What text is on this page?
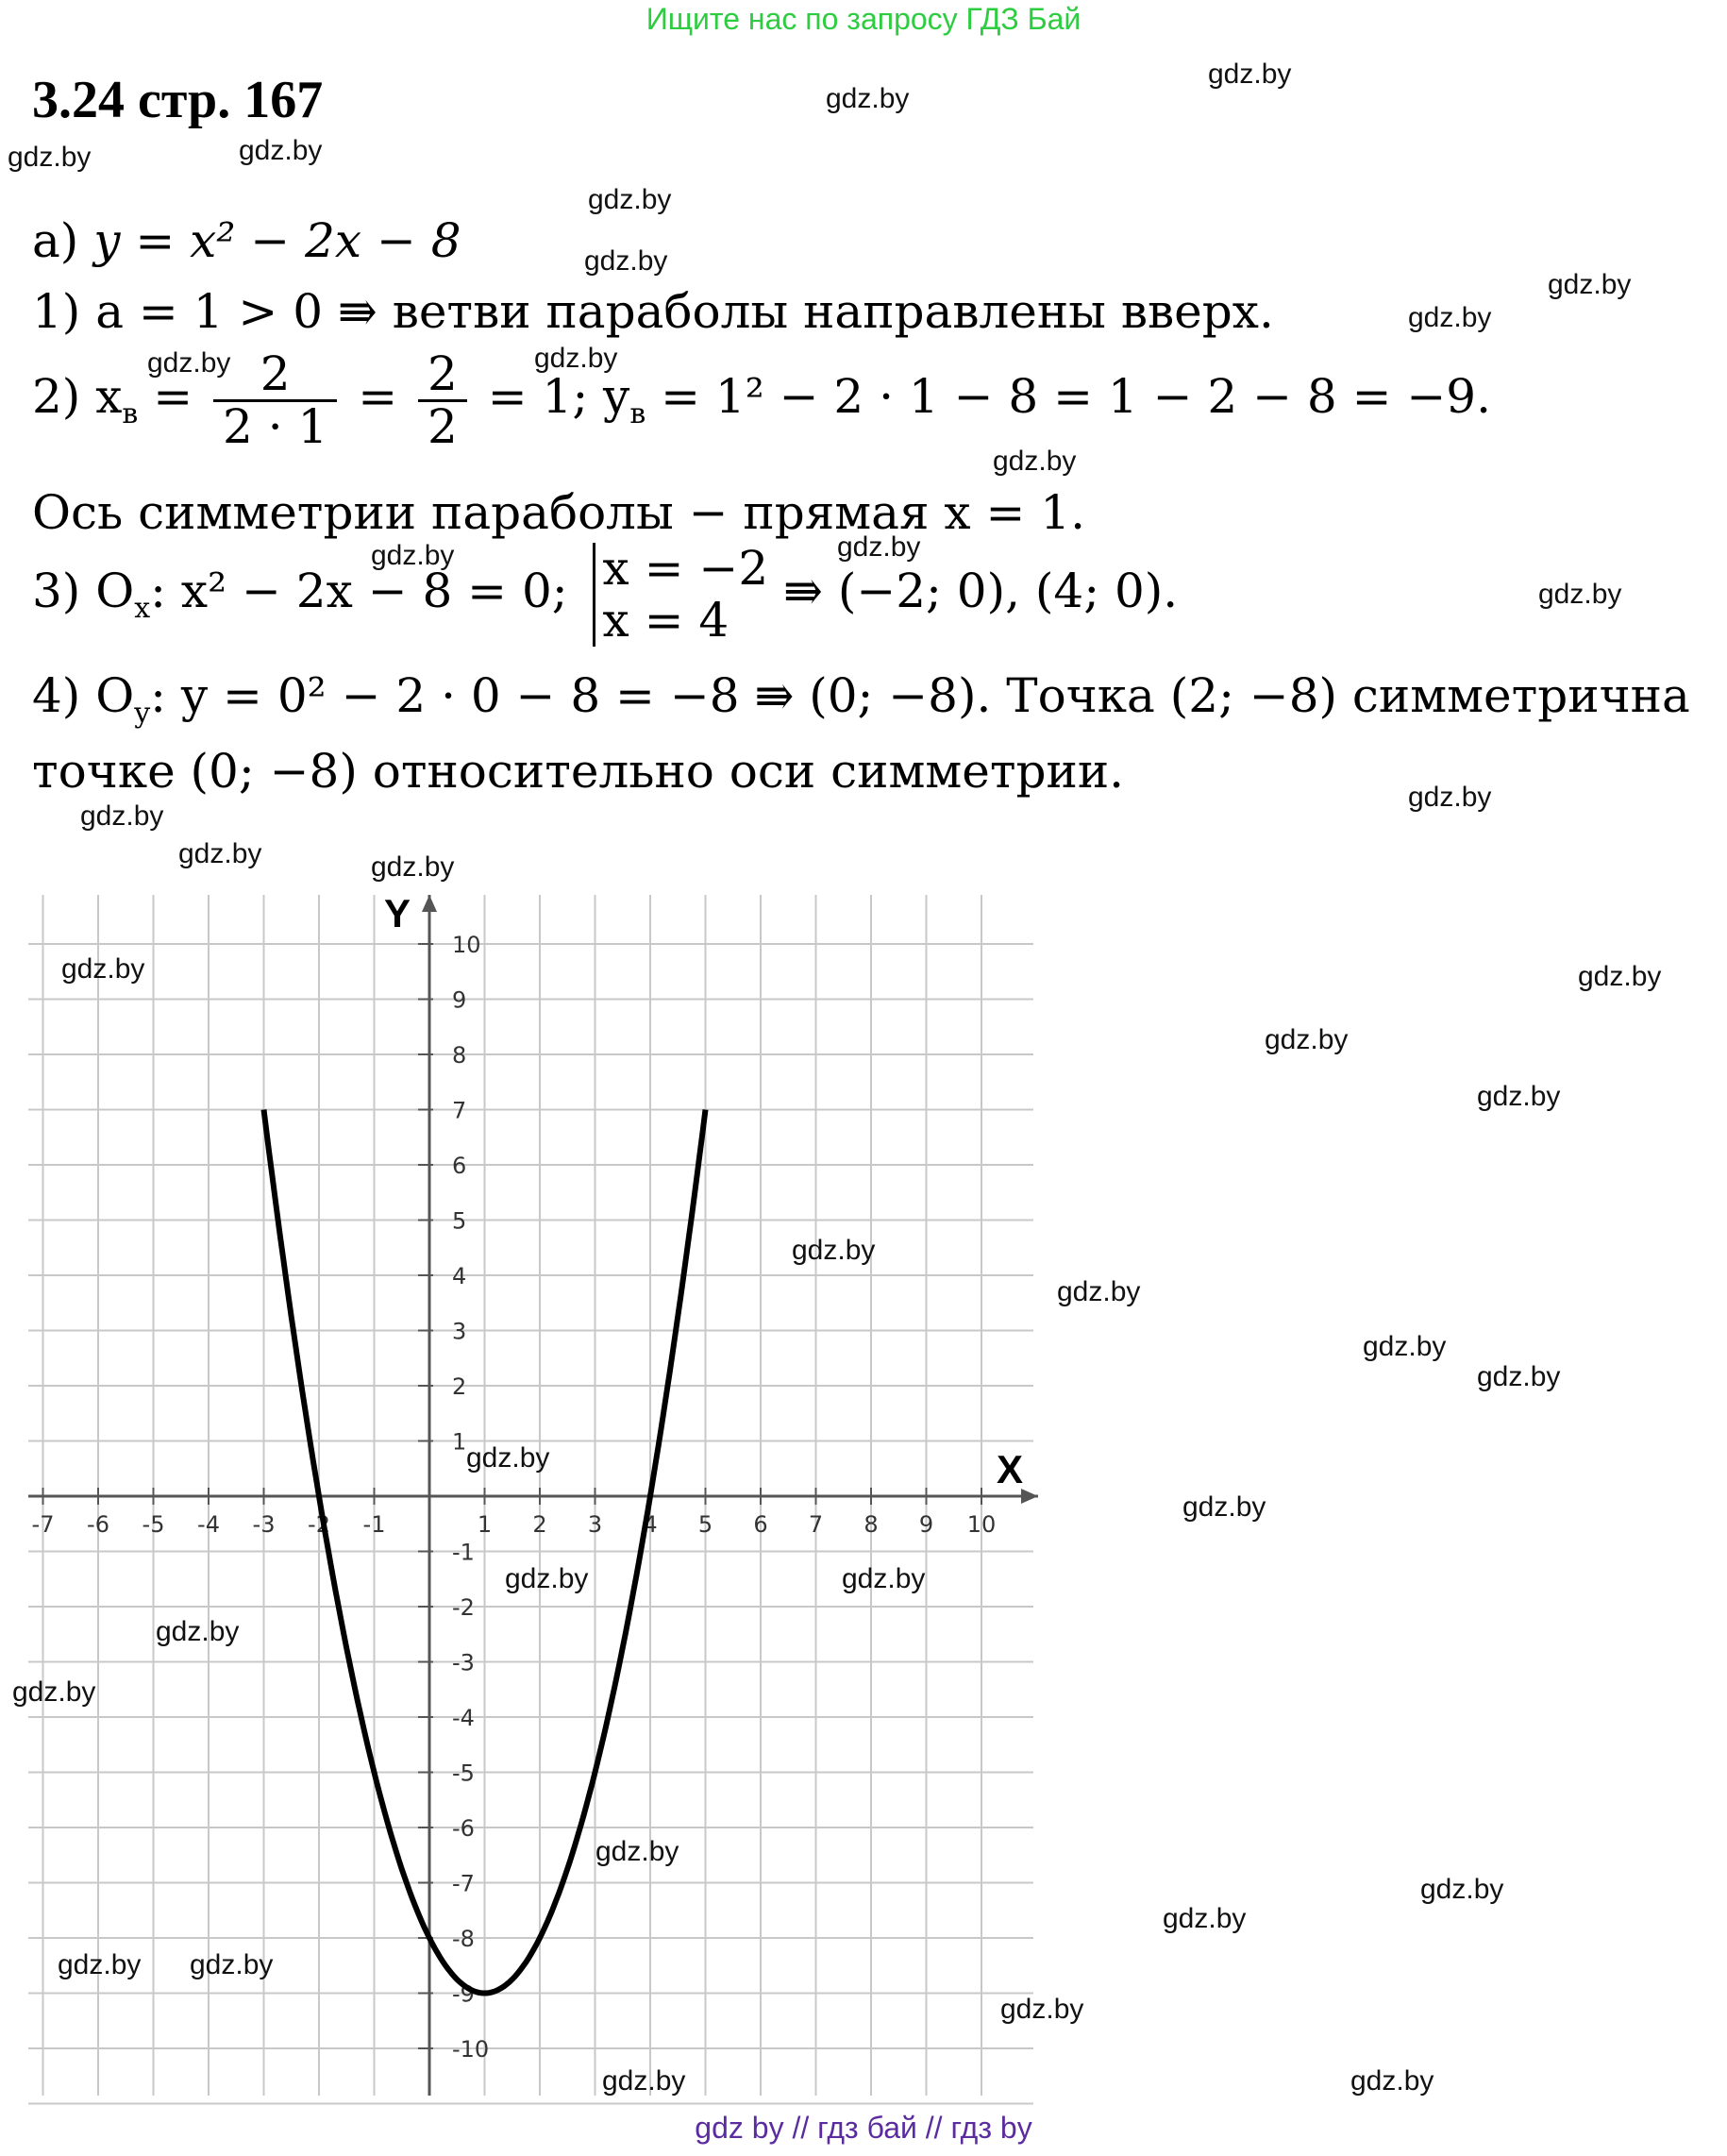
Ищите нас по запросу ГДЗ Бай
3.24 стр. 167
а) y = x² − 2x − 8
1) a = 1 > 0 ⇛ ветви параболы направлены вверх.
2) $x_в = \frac{2}{2 \cdot 1} = \frac{2}{2} = 1$; $y_в = 1^2 - 2 \cdot 1 - 8 = 1 - 2 - 8 = -9$.
Ось симметрии параболы − прямая x = 1.
3) $O_x$: x² − 2x − 8 = 0; x = −2
x = 4
⇛ (−2; 0), (4; 0).
4) $O_y$: y = 0² − 2 · 0 − 8 = −8 ⇛ (0; −8). Точка (2; −8) симметрична
точке (0; −8) относительно оси симметрии.
X
Y
-7 -6 -5 -4 -3 -2 -1	1 2 3 4 5 6 7 8 9 10
10
9
8
7
6
5
4
3
2
1
-1
-2
-3
-4
-5
-6
-7
-8
-9
-10
gdz.by
gdz.by
gdz.by	gdz.by
gdz.by
gdz.by
gdz.by
gdz.by
gdz.by	gdz.by
gdz.by
gdz.by	gdz.by
gdz.by
gdz.by
gdz.by
gdz.by	gdz.by
gdz.by	gdz.by
gdz.by
gdz.by
gdz.by
gdz.by
gdz.by
gdz.by
gdz.by
gdz.by
gdz.by	gdz.by
gdz.by
gdz.by
gdz.by
gdz.by
gdz.by
gdz.by gdz.by
gdz.by
gdz.by	gdz.by
gdz by // гдз бай // гдз by
